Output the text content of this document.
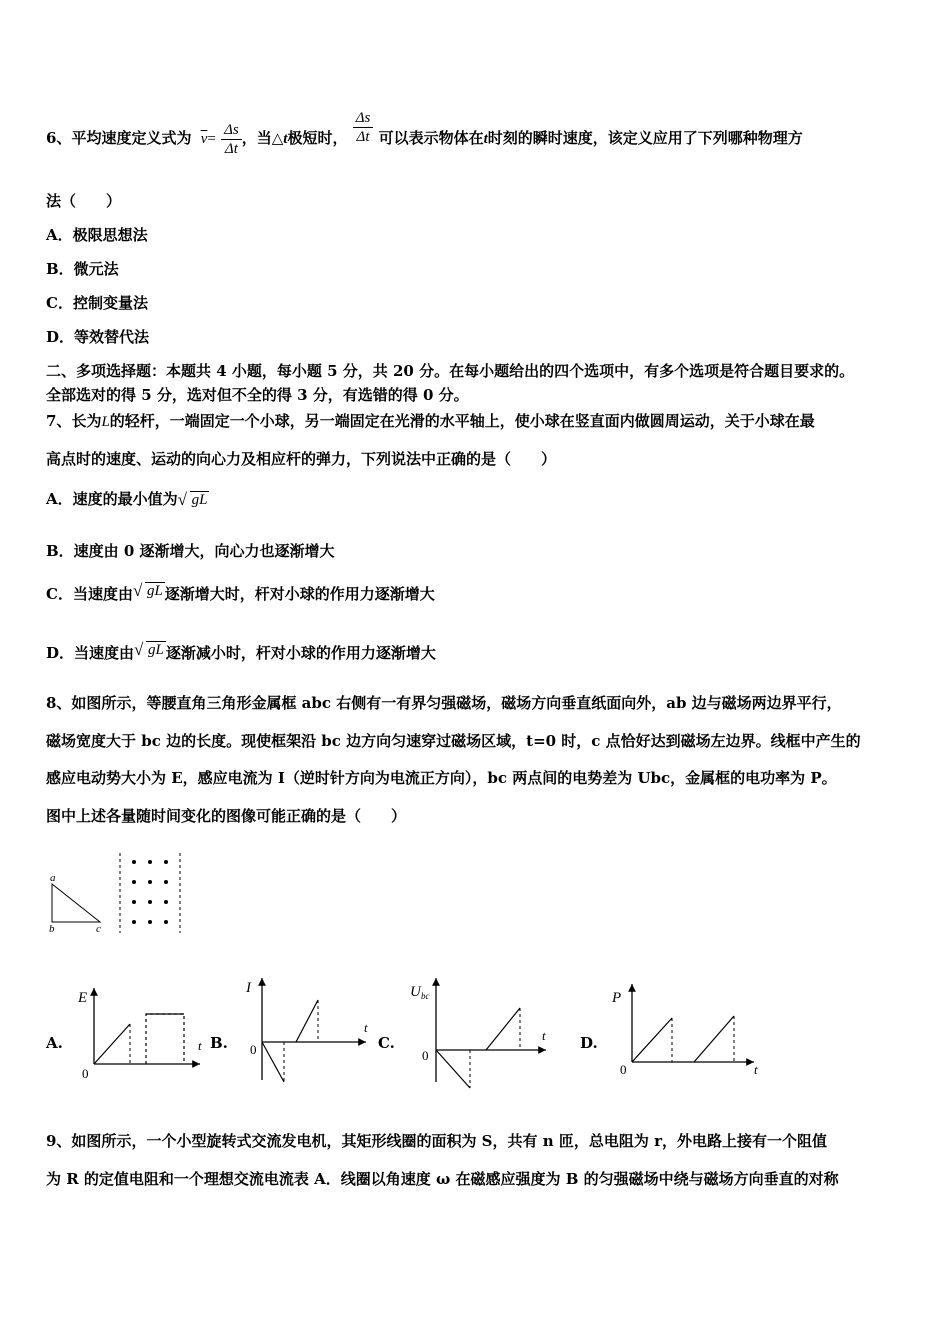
6、平均速度定义式为 $\overline{v}= \frac{\Delta s}{\Delta t}$ ，当△t极短时， $\frac{\Delta s}{\Delta t}$ 可以表示物体在t时刻的瞬时速度，该定义应用了下列哪种物理方
法（　　）
A．极限思想法
B．微元法
C．控制变量法
D．等效替代法
二、多项选择题：本题共 4 小题，每小题 5 分，共 20 分。在每小题给出的四个选项中，有多个选项是符合题目要求的。
全部选对的得 5 分，选对但不全的得 3 分，有选错的得 0 分。
7、长为L的轻杆，一端固定一个小球，另一端固定在光滑的水平轴上，使小球在竖直面内做圆周运动，关于小球在最
高点时的速度、运动的向心力及相应杆的弹力，下列说法中正确的是（　　）
A．速度的最小值为 √ gL
B．速度由 0 逐渐增大，向心力也逐渐增大
C．当速度由 √ gL 逐渐增大时，杆对小球的作用力逐渐增大
D．当速度由 √ gL 逐渐减小时，杆对小球的作用力逐渐增大
8、如图所示，等腰直角三角形金属框 abc 右侧有一有界匀强磁场，磁场方向垂直纸面向外，ab 边与磁场两边界平行，
磁场宽度大于 bc 边的长度。现使框架沿 bc 边方向匀速穿过磁场区域，t=0 时，c 点恰好达到磁场左边界。线框中产生的
感应电动势大小为 E，感应电流为 I（逆时针方向为电流正方向），bc 两点间的电势差为 Ubc，金属框的电功率为 P。
图中上述各量随时间变化的图像可能正确的是（　　）
a
b	c
A.
E
t
0
B.
I
t
0	C.
U bc
t
0
D.
P
t
0
9、如图所示，一个小型旋转式交流发电机，其矩形线圈的面积为 S，共有 n 匝，总电阻为 r，外电路上接有一个阻值
为 R 的定值电阻和一个理想交流电流表 A．线圈以角速度 ω 在磁感应强度为 B 的匀强磁场中绕与磁场方向垂直的对称
